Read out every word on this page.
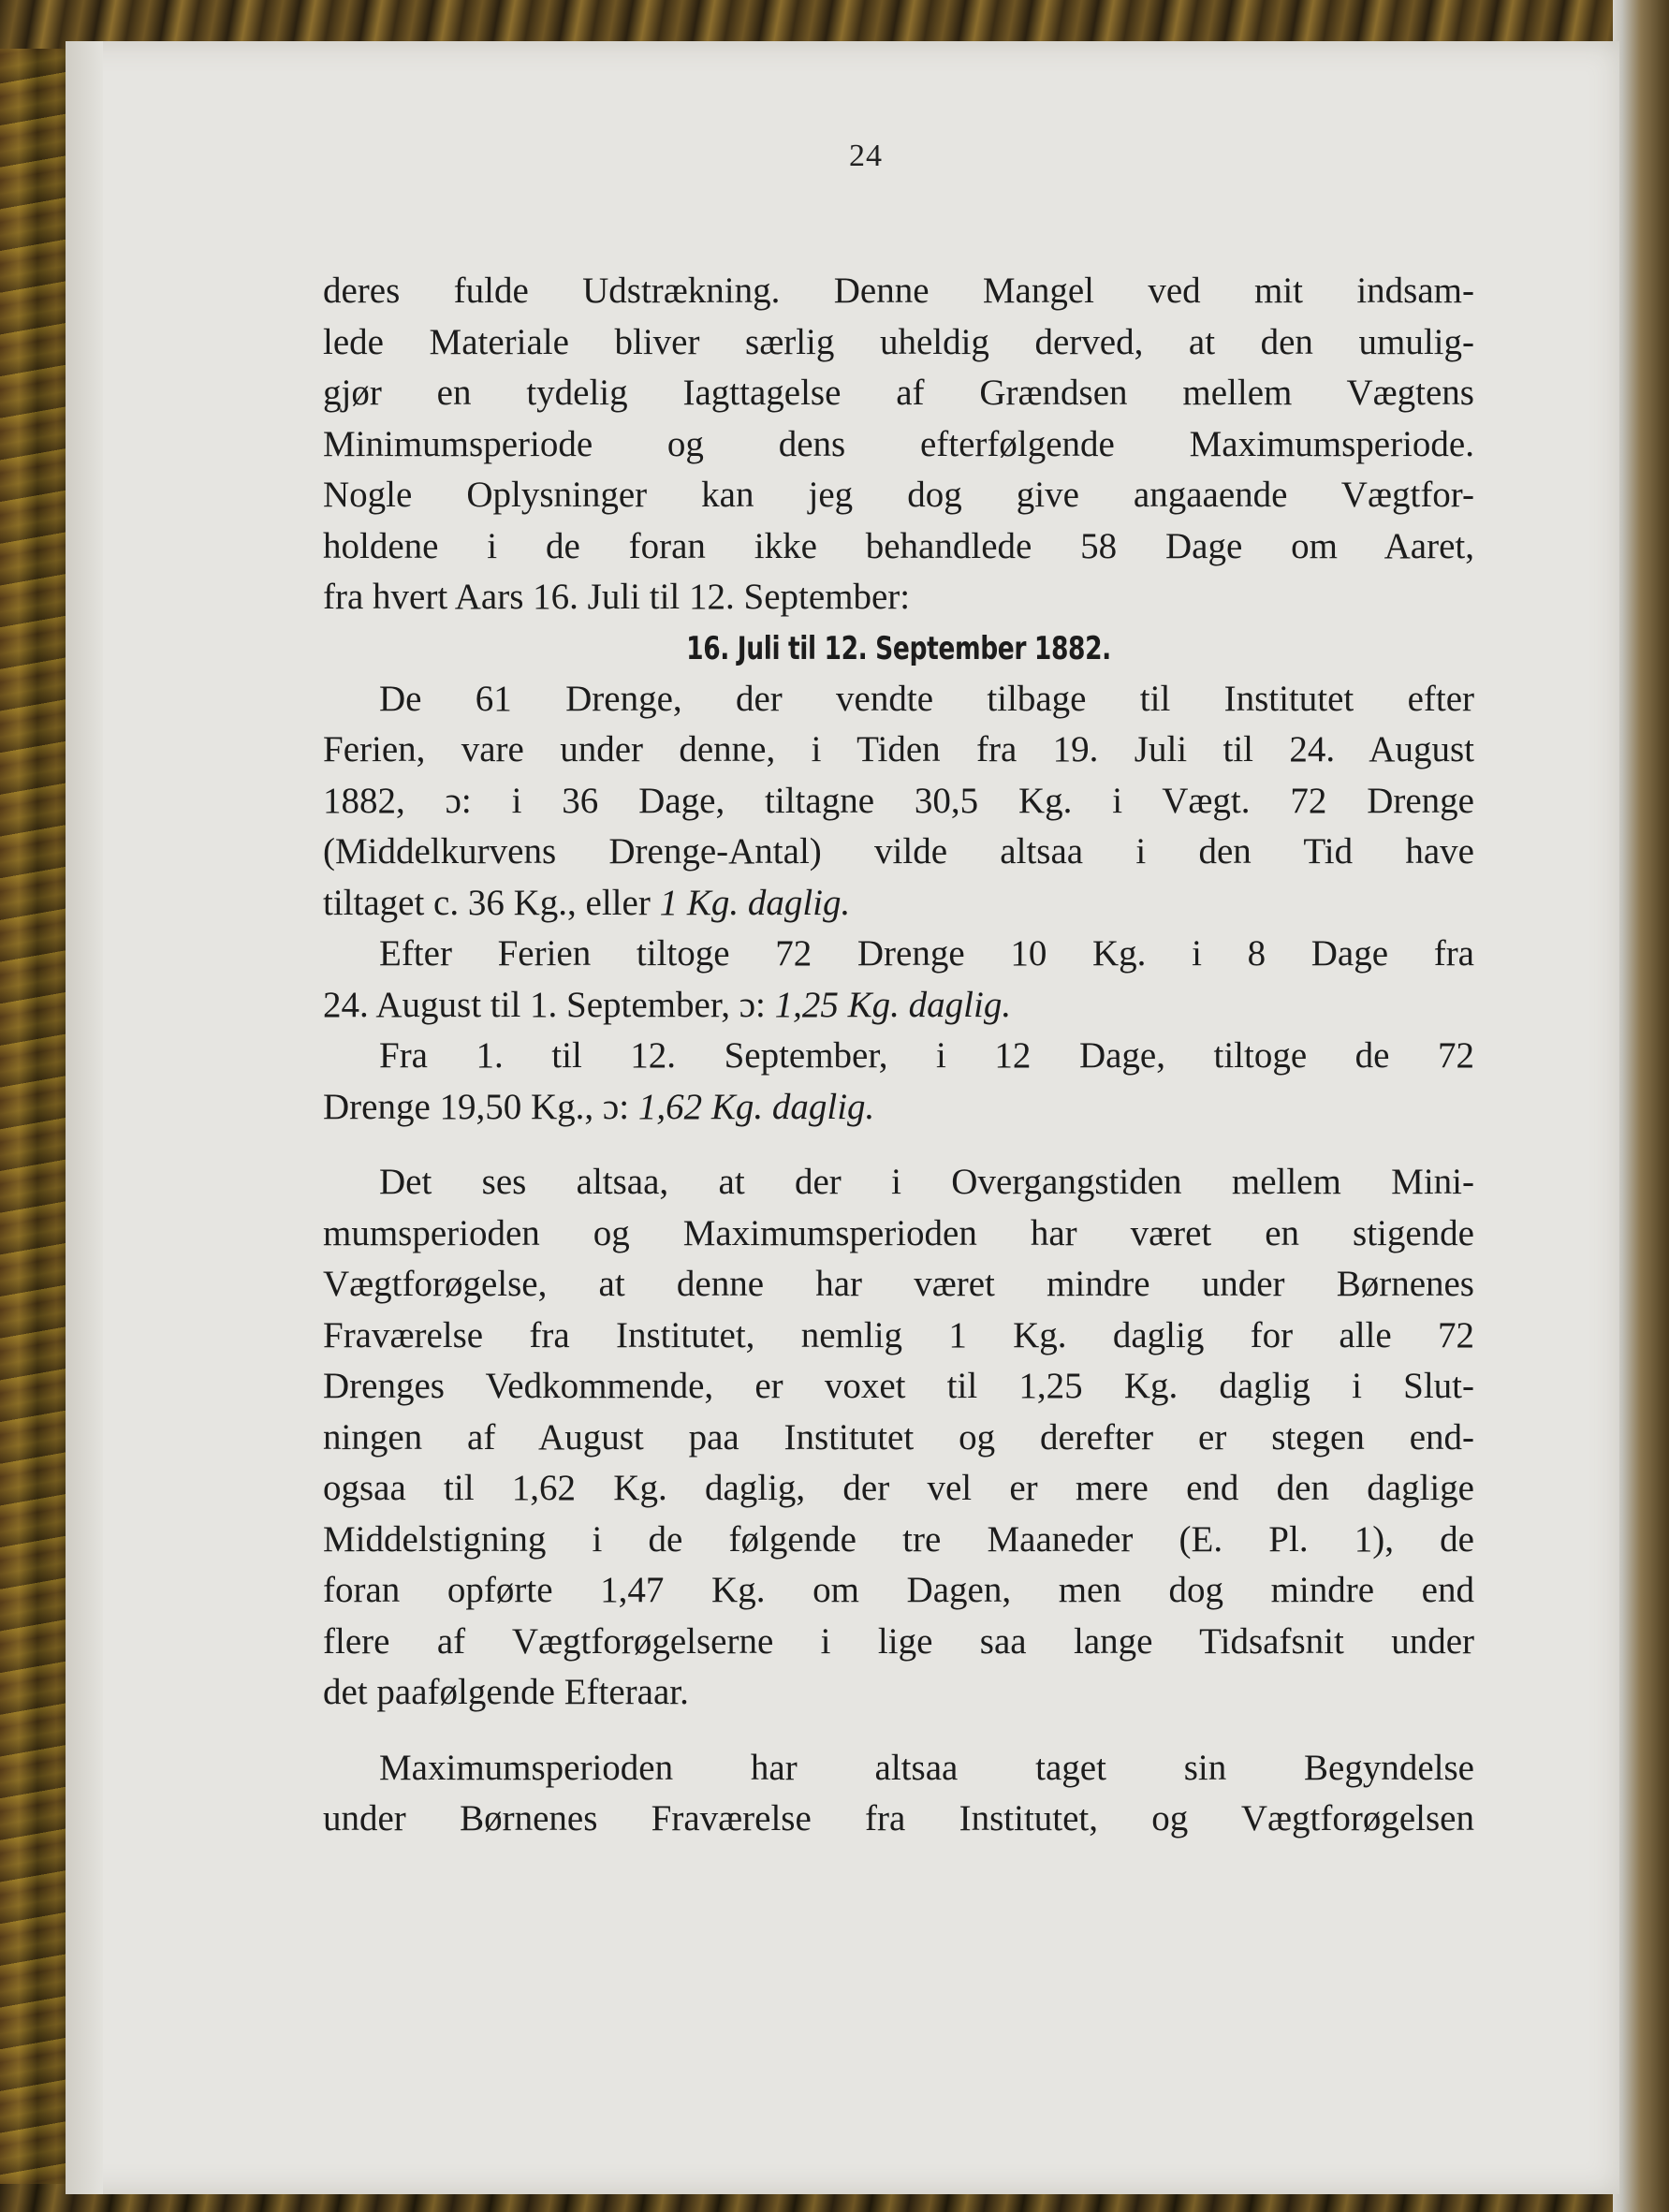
24
deres fulde Udstrækning. Denne Mangel ved mit indsam-
lede Materiale bliver særlig uheldig derved, at den umulig-
gjør en tydelig Iagttagelse af Grændsen mellem Vægtens
Minimumsperiode og dens efterfølgende Maximumsperiode.
Nogle Oplysninger kan jeg dog give angaaende Vægtfor-
holdene i de foran ikke behandlede 58 Dage om Aaret,
fra hvert Aars 16. Juli til 12. September:
16. Juli til 12. September 1882.
De 61 Drenge, der vendte tilbage til Institutet efter
Ferien, vare under denne, i Tiden fra 19. Juli til 24. August
1882, ɔ: i 36 Dage, tiltagne 30,5 Kg. i Vægt. 72 Drenge
(Middelkurvens Drenge-Antal) vilde altsaa i den Tid have
tiltaget c. 36 Kg., eller 1 Kg. daglig.
Efter Ferien tiltoge 72 Drenge 10 Kg. i 8 Dage fra
24. August til 1. September, ɔ: 1,25 Kg. daglig.
Fra 1. til 12. September, i 12 Dage, tiltoge de 72
Drenge 19,50 Kg., ɔ: 1,62 Kg. daglig.
Det ses altsaa, at der i Overgangstiden mellem Mini-
mumsperioden og Maximumsperioden har været en stigende
Vægtforøgelse, at denne har været mindre under Børnenes
Fraværelse fra Institutet, nemlig 1 Kg. daglig for alle 72
Drenges Vedkommende, er voxet til 1,25 Kg. daglig i Slut-
ningen af August paa Institutet og derefter er stegen end-
ogsaa til 1,62 Kg. daglig, der vel er mere end den daglige
Middelstigning i de følgende tre Maaneder (E. Pl. 1), de
foran opførte 1,47 Kg. om Dagen, men dog mindre end
flere af Vægtforøgelserne i lige saa lange Tidsafsnit under
det paafølgende Efteraar.
Maximumsperioden har altsaa taget sin Begyndelse
under Børnenes Fraværelse fra Institutet, og Vægtforøgelsen
